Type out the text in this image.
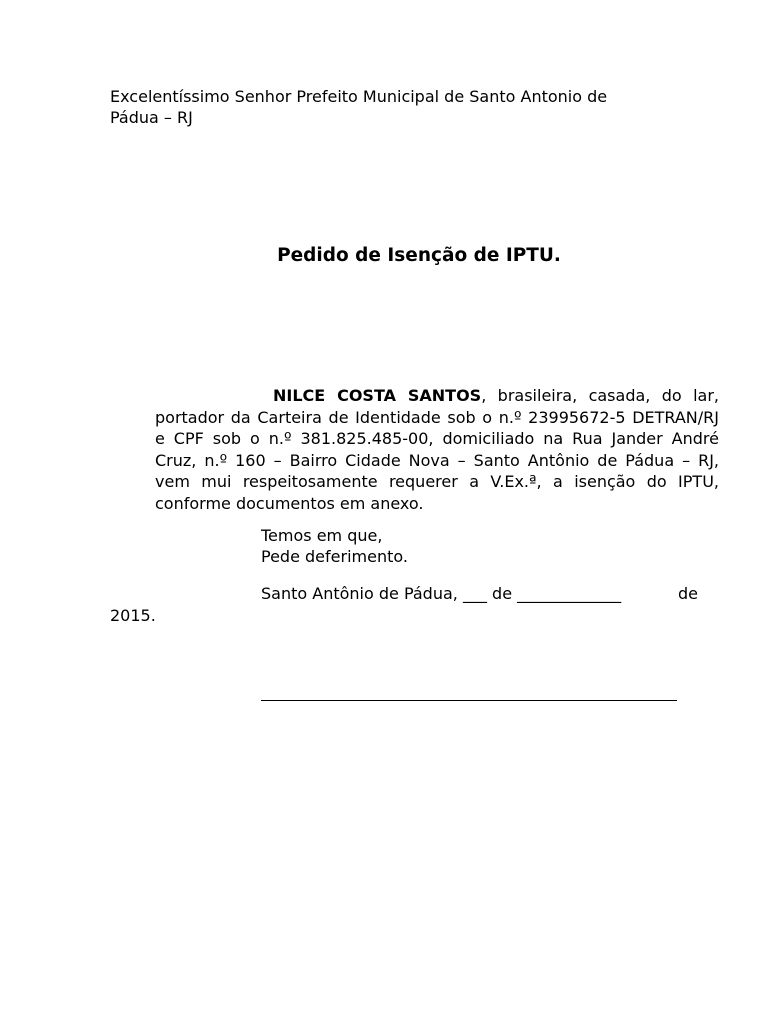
Excelentíssimo Senhor Prefeito Municipal de Santo Antonio de
Pádua – RJ
Pedido de Isenção de IPTU.
NILCE COSTA SANTOS, brasileira, casada, do lar, portador da Carteira de Identidade sob o n.º 23995672-5 DETRAN/RJ e CPF sob o n.º 381.825.485-00, domiciliado na Rua Jander André Cruz, n.º 160 – Bairro Cidade Nova – Santo Antônio de Pádua – RJ, vem mui respeitosamente requerer a V.Ex.ª, a isenção do IPTU, conforme documentos em anexo.
Temos em que,
Pede deferimento.
Santo Antônio de Pádua, ___ de _____________	de
2015.
